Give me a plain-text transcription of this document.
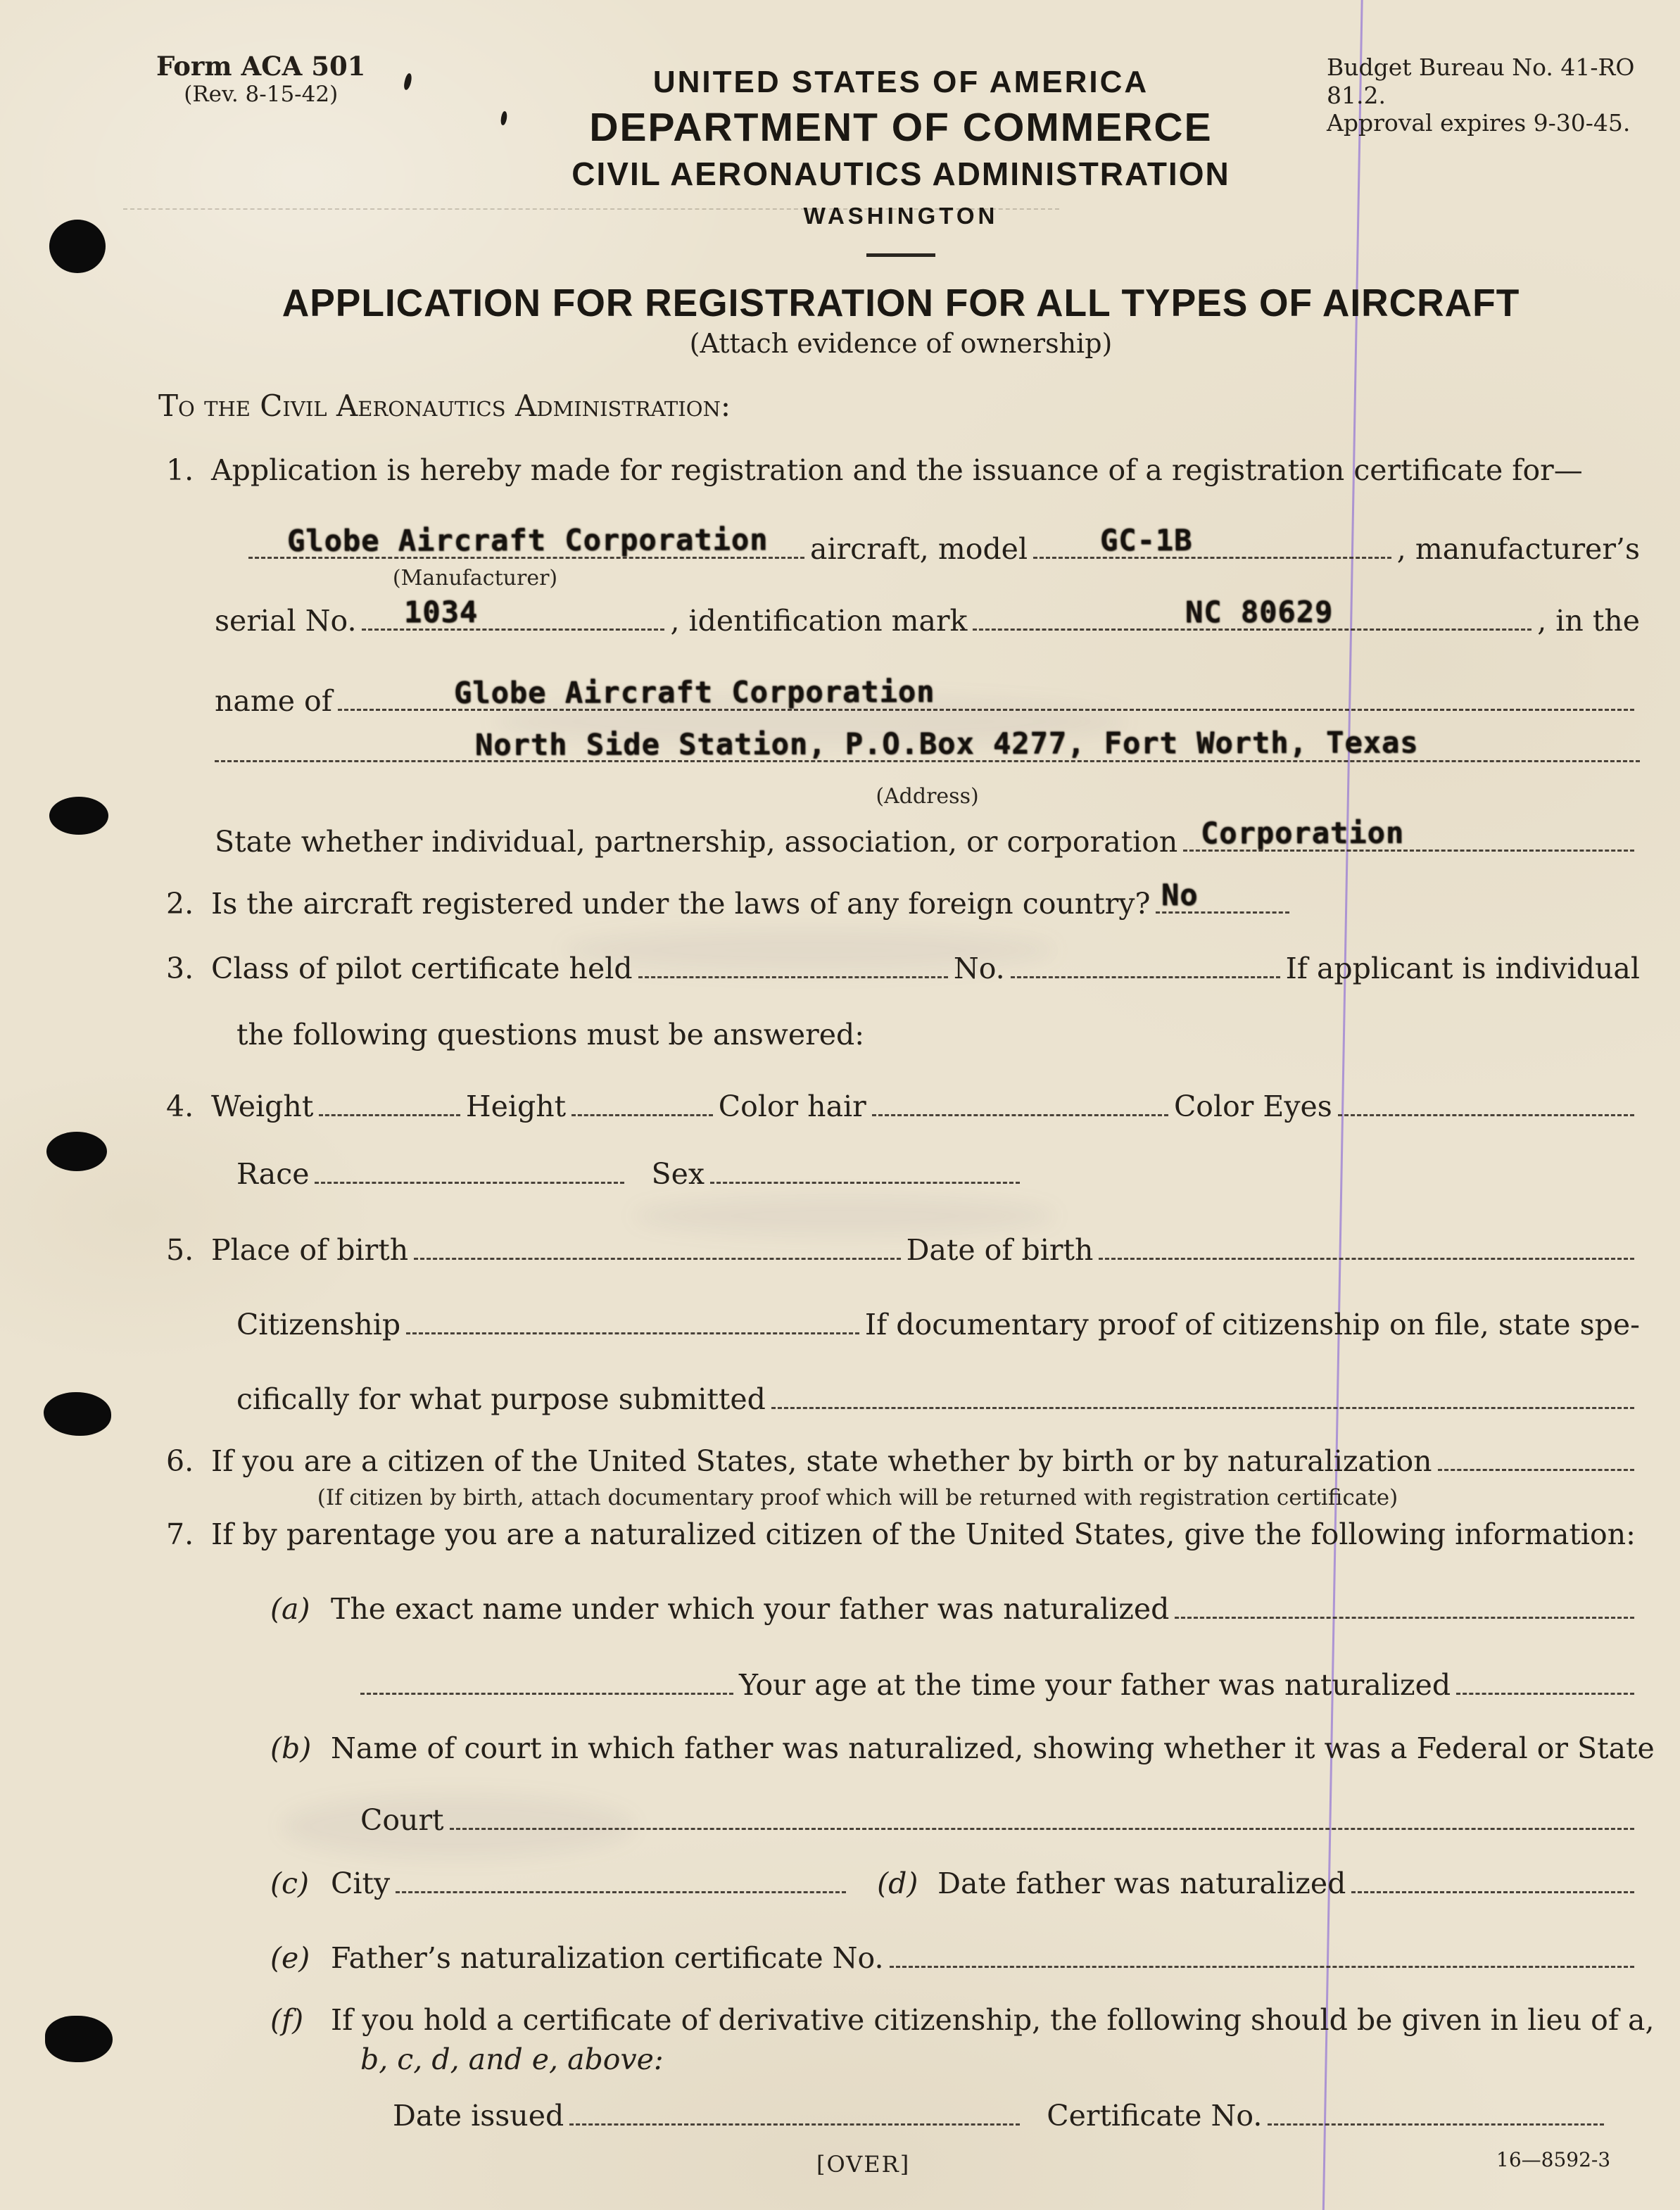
Form ACA 501
(Rev. 8-15-42)
Budget Bureau No. 41-RO 81.2.
Approval expires 9-30-45.
UNITED STATES OF AMERICA
DEPARTMENT OF COMMERCE
CIVIL AERONAUTICS ADMINISTRATION
WASHINGTON
APPLICATION FOR REGISTRATION FOR ALL TYPES OF AIRCRAFT
(Attach evidence of ownership)
To the Civil Aeronautics Administration:
1. Application is hereby made for registration and the issuance of a registration certificate for—
Globe Aircraft Corporation aircraft, model GC-1B	, manufacturer’s
(Manufacturer)
serial No. 1034	, identification mark	NC 80629	, in the
name of	Globe Aircraft Corporation
North Side Station, P.O.Box 4277, Fort Worth, Texas
(Address)
State whether individual, partnership, association, or corporation Corporation
2. Is the aircraft registered under the laws of any foreign country? No
3. Class of pilot certificate held	No.	If applicant is individual
the following questions must be answered:
4. Weight	Height	Color hair	Color Eyes
Race	Sex
5. Place of birth	Date of birth
Citizenship	If documentary proof of citizenship on file, state spe-
cifically for what purpose submitted
6. If you are a citizen of the United States, state whether by birth or by naturalization
(If citizen by birth, attach documentary proof which will be returned with registration certificate)
7. If by parentage you are a naturalized citizen of the United States, give the following information:
(a) The exact name under which your father was naturalized
Your age at the time your father was naturalized
(b) Name of court in which father was naturalized, showing whether it was a Federal or State
Court
(c) City	(d) Date father was naturalized
(e) Father’s naturalization certificate No.
(f) If you hold a certificate of derivative citizenship, the following should be given in lieu of a,
b, c, d, and e, above:
Date issued	Certificate No.
[OVER]	16—8592-3
